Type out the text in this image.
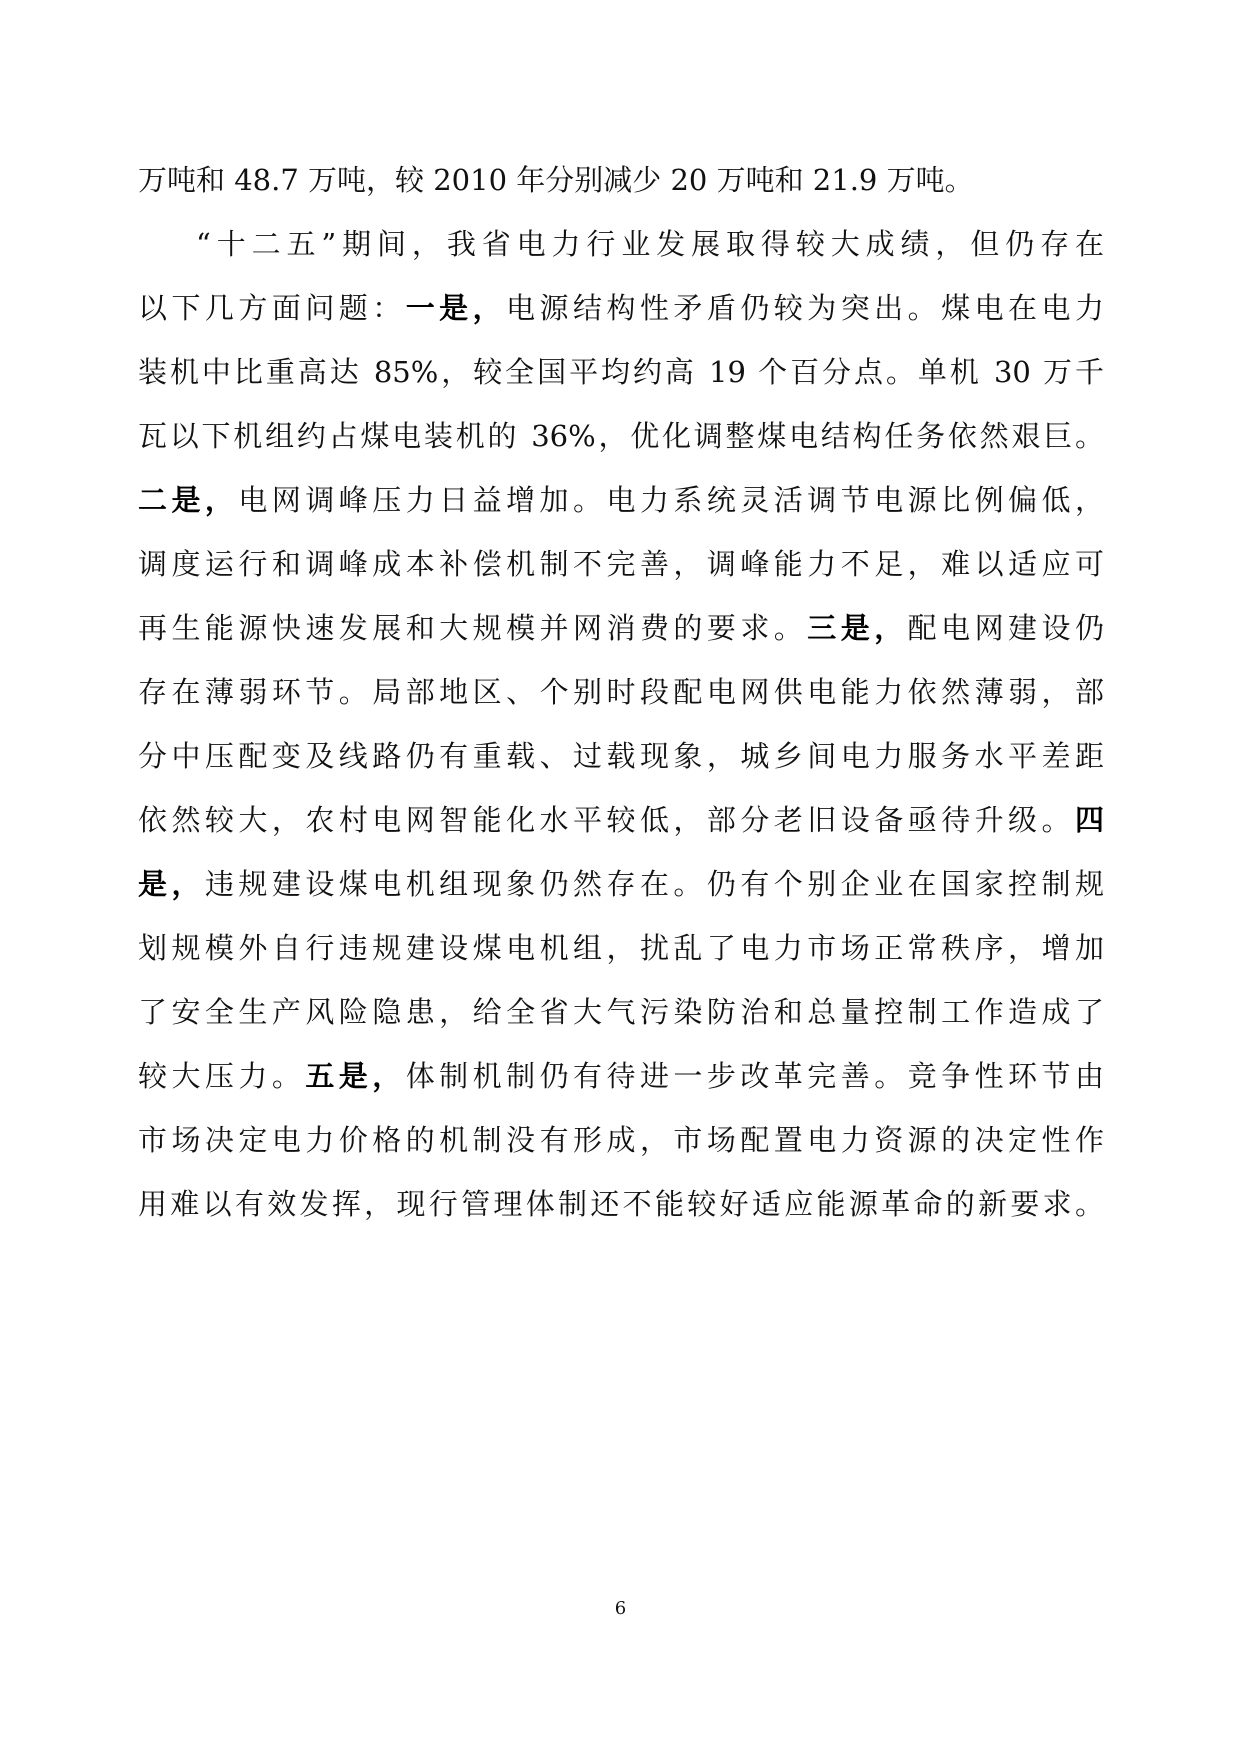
万吨和 48.7 万吨，较 2010 年分别减少 20 万吨和 21.9 万吨。
“十二五”期间，我省电力行业发展取得较大成绩，但仍存在
以下几方面问题：一是，电源结构性矛盾仍较为突出。煤电在电力
装机中比重高达 85%，较全国平均约高 19 个百分点。单机 30 万千
瓦以下机组约占煤电装机的 36%，优化调整煤电结构任务依然艰巨。
二是，电网调峰压力日益增加。电力系统灵活调节电源比例偏低，
调度运行和调峰成本补偿机制不完善，调峰能力不足，难以适应可
再生能源快速发展和大规模并网消费的要求。三是，配电网建设仍
存在薄弱环节。局部地区、个别时段配电网供电能力依然薄弱，部
分中压配变及线路仍有重载、过载现象，城乡间电力服务水平差距
依然较大，农村电网智能化水平较低，部分老旧设备亟待升级。四
是，违规建设煤电机组现象仍然存在。仍有个别企业在国家控制规
划规模外自行违规建设煤电机组，扰乱了电力市场正常秩序，增加
了安全生产风险隐患，给全省大气污染防治和总量控制工作造成了
较大压力。五是，体制机制仍有待进一步改革完善。竞争性环节由
市场决定电力价格的机制没有形成，市场配置电力资源的决定性作
用难以有效发挥，现行管理体制还不能较好适应能源革命的新要求。
6
